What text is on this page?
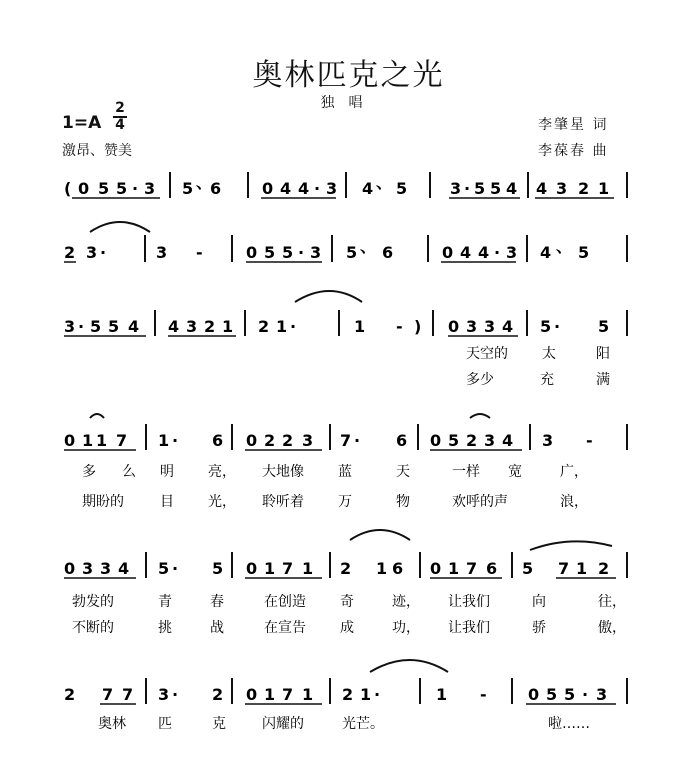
奥林匹克之光
独唱
$1=A \frac{2}{4}$
激昂、赞美
李肇星 词
李葆春 曲
( 0 5 5 · 3 5 、
6	0 4 4 · 3 4 、 5	3 · 5 5 4 4 3 2 1
2 3 ·	3 -	0 5 5 · 3 5 、 6	0 4 4 · 3 4 、 5
3 · 5 5 4 4 3 2 1 2 1 ·	1 - ) 0 3 3 4 5 · 5
天空的 太	阳
多少	充	满
0 1 1 7 1 · 6 0 2 2 3 7 · 6 0 5 2 3 4 3 -
多 么 明 亮， 大地像 蓝	天	一样 宽	广，
期盼的	目 光， 聆听着 万	物	欢呼的声	浪，
0 3 3 4 5 · 5 0 1 7 1 2 1 6 0 1 7 6 5 7 1 2
勃发的	青	春	在创造 奇	迹， 让我们	向	往，
不断的	挑	战	在宣告 成	功， 让我们	骄	傲，
2 7 7 3 · 2 0 1 7 1 2 1 ·	1 -	0 5 5 · 3
奥林 匹	克	闪耀的	光芒。	啦……
